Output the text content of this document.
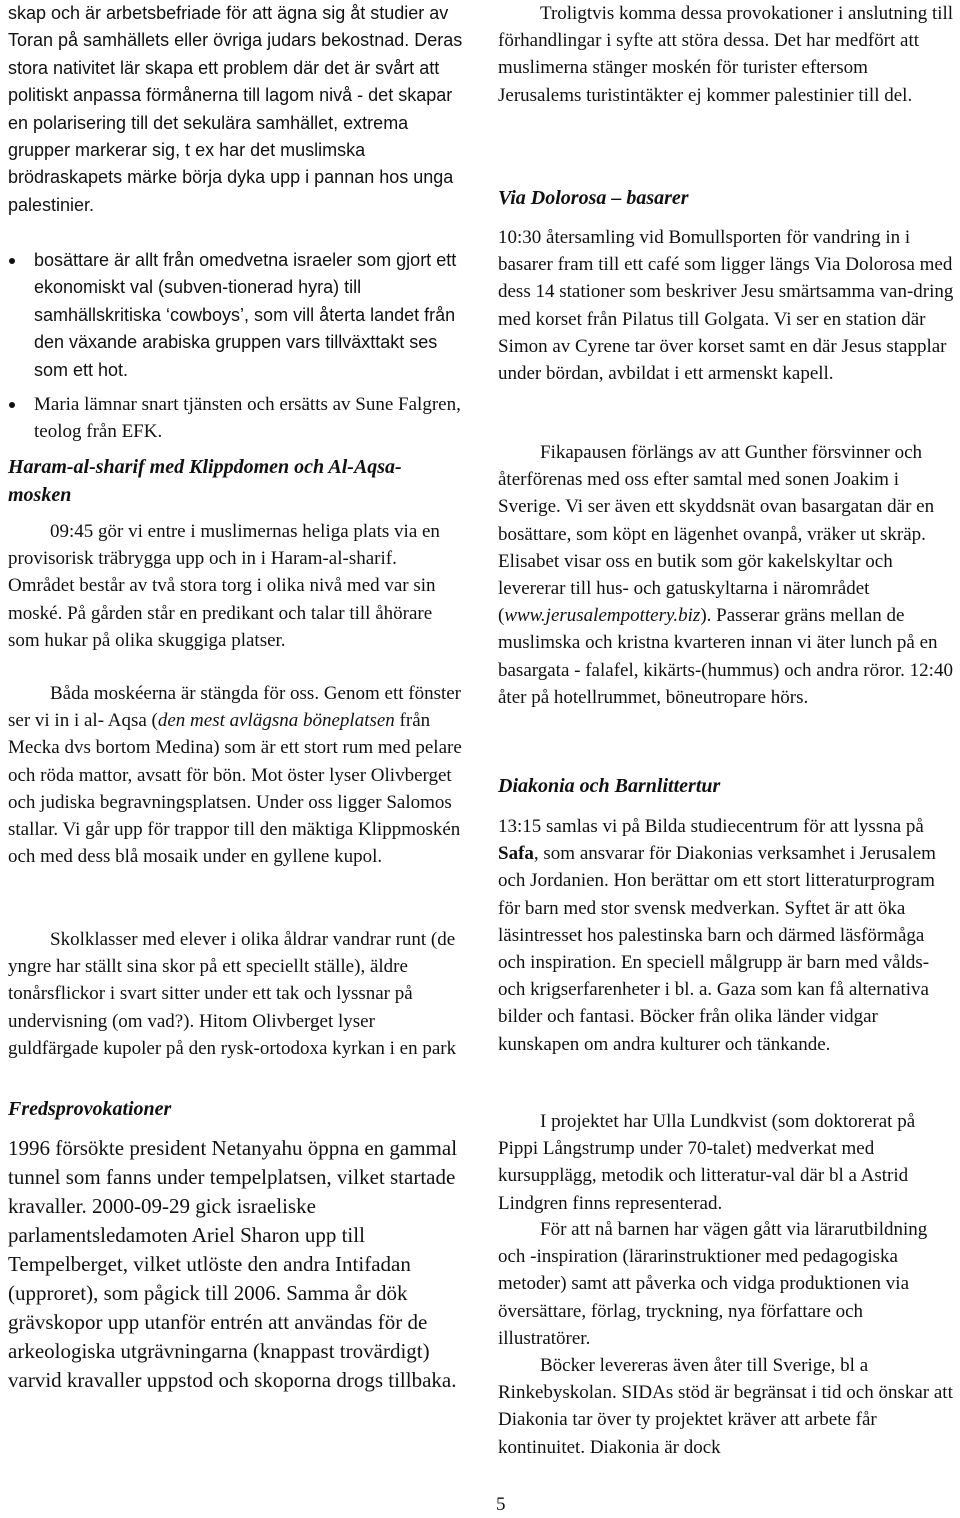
skap och är arbetsbefriade för att ägna sig åt studier av Toran på samhällets eller övriga judars bekostnad. Deras stora nativitet lär skapa ett problem där det är svårt att politiskt anpassa förmånerna till lagom nivå - det skapar en polarisering till det sekulära samhället, extrema grupper markerar sig, t ex har det muslimska brödraskapets märke börja dyka upp i pannan hos unga palestinier.

bosättare är allt från omedvetna israeler som gjort ett ekonomiskt val (subven-tionerad hyra) till samhällskritiska ‘cowboys’, som vill återta landet från den växande arabiska gruppen vars tillväxttakt ses som ett hot.
Maria lämnar snart tjänsten och ersätts av Sune Falgren, teolog från EFK.

Haram-al-sharif med Klippdomen och Al-Aqsa-mosken

09:45 gör vi entre i muslimernas heliga plats via en provisorisk träbrygga upp och in i Haram-al-sharif. Området består av två stora torg i olika nivå med var sin moské. På gården står en predikant och talar till åhörare som hukar på olika skuggiga platser.

Båda moskéerna är stängda för oss. Genom ett fönster ser vi in i al- Aqsa (den mest avlägsna böneplatsen från Mecka dvs bortom Medina) som är ett stort rum med pelare och röda mattor, avsatt för bön. Mot öster lyser Olivberget och judiska begravningsplatsen. Under oss ligger Salomos stallar. Vi går upp för trappor till den mäktiga Klippmoskén och med dess blå mosaik under en gyllene kupol.

Skolklasser med elever i olika åldrar vandrar runt (de yngre har ställt sina skor på ett speciellt ställe), äldre tonårsflickor i svart sitter under ett tak och lyssnar på undervisning (om vad?). Hitom Olivberget lyser guldfärgade kupoler på den rysk-ortodoxa kyrkan i en park

Fredsprovokationer

1996 försökte president Netanyahu öppna en gammal tunnel som fanns under tempelplatsen, vilket startade kravaller. 2000-09-29 gick israeliske parlamentsledamoten Ariel Sharon upp till Tempelberget, vilket utlöste den andra Intifadan (upproret), som pågick till 2006. Samma år dök grävskopor upp utanför entrén att användas för de arkeologiska utgrävningarna (knappast trovärdigt) varvid kravaller uppstod och skoporna drogs tillbaka.

Troligtvis komma dessa provokationer i anslutning till förhandlingar i syfte att störa dessa. Det har medfört att muslimerna stänger moskén för turister eftersom Jerusalems turistintäkter ej kommer palestinier till del.

Via Dolorosa – basarer

10:30 återsamling vid Bomullsporten för vandring in i basarer fram till ett café som ligger längs Via Dolorosa med dess 14 stationer som beskriver Jesu smärtsamma van-dring med korset från Pilatus till Golgata. Vi ser en station där Simon av Cyrene tar över korset samt en där Jesus stapplar under bördan, avbildat i ett armenskt kapell.

Fikapausen förlängs av att Gunther försvinner och återförenas med oss efter samtal med sonen Joakim i Sverige. Vi ser även ett skyddsnät ovan basargatan där en bosättare, som köpt en lägenhet ovanpå, vräker ut skräp. Elisabet visar oss en butik som gör kakelskyltar och levererar till hus- och gatuskyltarna i närområdet (www.jerusalempottery.biz). Passerar gräns mellan de muslimska och kristna kvarteren innan vi äter lunch på en basargata - falafel, kikärts-(hummus) och andra röror. 12:40 åter på hotellrummet, böneutropare hörs.

Diakonia och Barnlittertur

13:15 samlas vi på Bilda studiecentrum för att lyssna på Safa, som ansvarar för Diakonias verksamhet i Jerusalem och Jordanien. Hon berättar om ett stort litteraturprogram för barn med stor svensk medverkan. Syftet är att öka läsintresset hos palestinska barn och därmed läsförmåga och inspiration. En speciell målgrupp är barn med vålds- och krigserfarenheter i bl. a. Gaza som kan få alternativa bilder och fantasi. Böcker från olika länder vidgar kunskapen om andra kulturer och tänkande.

I projektet har Ulla Lundkvist (som doktorerat på Pippi Långstrump under 70-talet) medverkat med kursupplägg, metodik och litteratur-val där bl a Astrid Lindgren finns representerad.

För att nå barnen har vägen gått via lärarutbildning och -inspiration (lärarinstruktioner med pedagogiska metoder) samt att påverka och vidga produktionen via översättare, förlag, tryckning, nya författare och illustratörer.

Böcker levereras även åter till Sverige, bl a Rinkebyskolan. SIDAs stöd är begränsat i tid och önskar att Diakonia tar över ty projektet kräver att arbete får kontinuitet. Diakonia är dock

5
